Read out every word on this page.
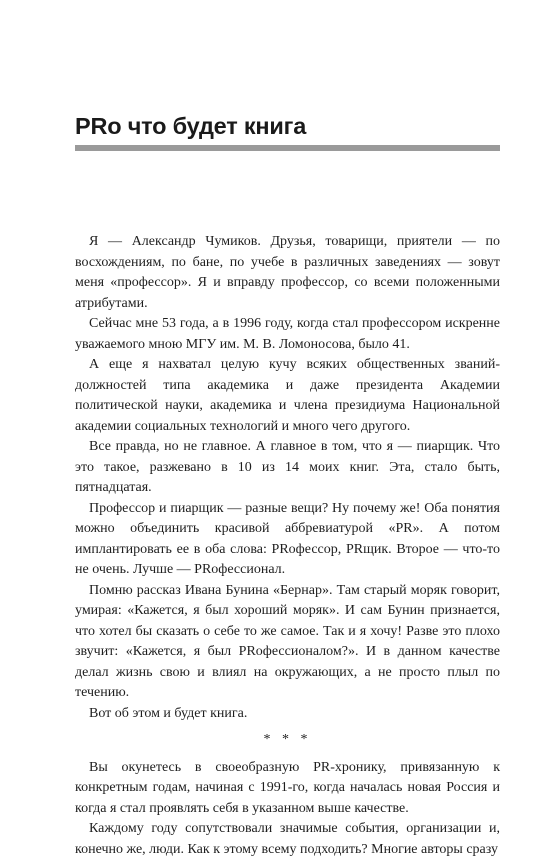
PRo что будет книга

Я — Александр Чумиков. Друзья, товарищи, приятели — по восхождениям, по бане, по учебе в различных заведениях — зовут меня «профессор». Я и вправду профессор, со всеми положенными атрибутами.

Сейчас мне 53 года, а в 1996 году, когда стал профессором искренне уважаемого мною МГУ им. М. В. Ломоносова, было 41.

А еще я нахватал целую кучу всяких общественных званий-должностей типа академика и даже президента Академии политической науки, академика и члена президиума Национальной академии социальных технологий и много чего другого.

Все правда, но не главное. А главное в том, что я — пиарщик. Что это такое, разжевано в 10 из 14 моих книг. Эта, стало быть, пятнадцатая.

Профессор и пиарщик — разные вещи? Ну почему же! Оба понятия можно объединить красивой аббревиатурой «PR». А потом имплантировать ее в оба слова: PRофессор, PRщик. Второе — что-то не очень. Лучше — PRофессионал.

Помню рассказ Ивана Бунина «Бернар». Там старый моряк говорит, умирая: «Кажется, я был хороший моряк». И сам Бунин признается, что хотел бы сказать о себе то же самое. Так и я хочу! Разве это плохо звучит: «Кажется, я был PRофессионалом?». И в данном качестве делал жизнь свою и влиял на окружающих, а не просто плыл по течению.

Вот об этом и будет книга.

* * *

Вы окунетесь в своеобразную PR-хронику, привязанную к конкретным годам, начиная с 1991-го, когда началась новая Россия и когда я стал проявлять себя в указанном выше качестве.

Каждому году сопутствовали значимые события, организации и, конечно же, люди. Как к этому всему подходить? Многие авторы сразу
